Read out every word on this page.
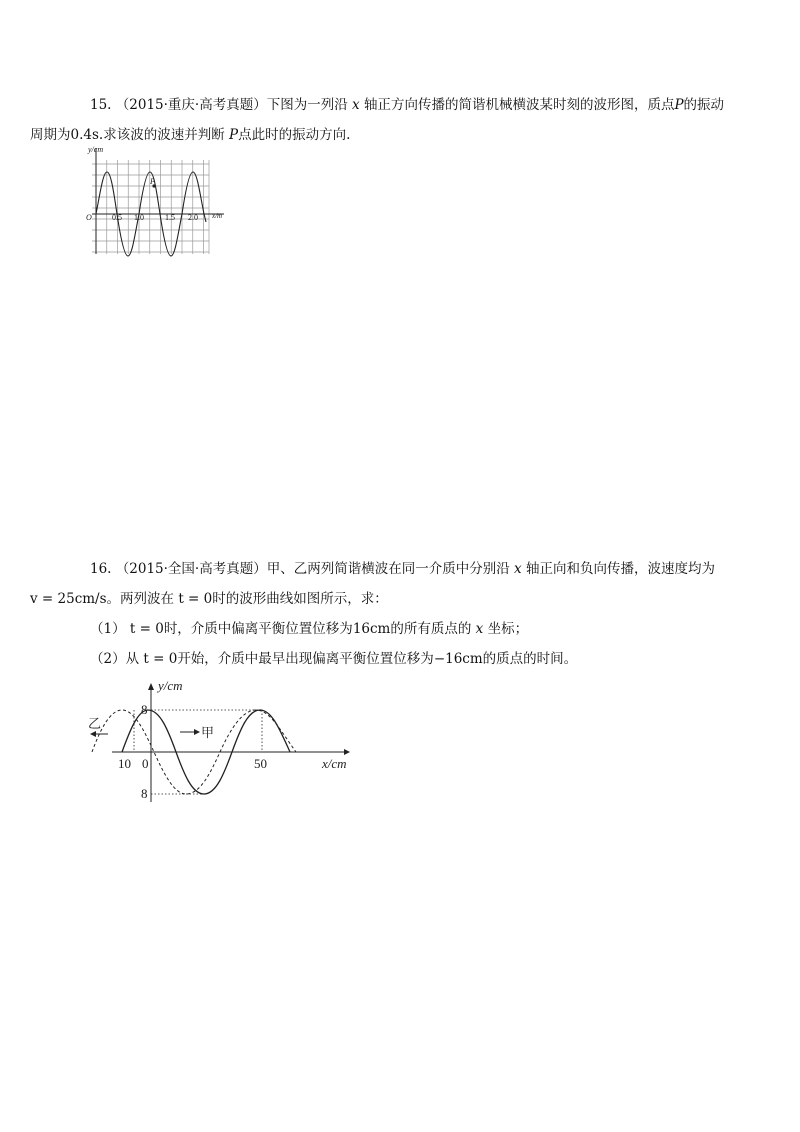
15. （2015·重庆·高考真题）下图为一列沿 x 轴正方向传播的简谐机械横波某时刻的波形图，质点P的振动

周期为0.4s.求该波的波速并判断 P点此时的振动方向.

P
y/cm
x/m
O	0.5 1.0	1.5 2.0

16. （2015·全国·高考真题）甲、乙两列简谐横波在同一介质中分别沿 x 轴正向和负向传播，波速度均为

v = 25cm/s。两列波在 t = 0时的波形曲线如图所示，求：

（1） t = 0时，介质中偏离平衡位置位移为16cm的所有质点的 x 坐标；

（2）从 t = 0开始，介质中最早出现偏离平衡位置位移为−16cm的质点的时间。

y/cm
x/cm
8
8
10 0	50
甲
乙
